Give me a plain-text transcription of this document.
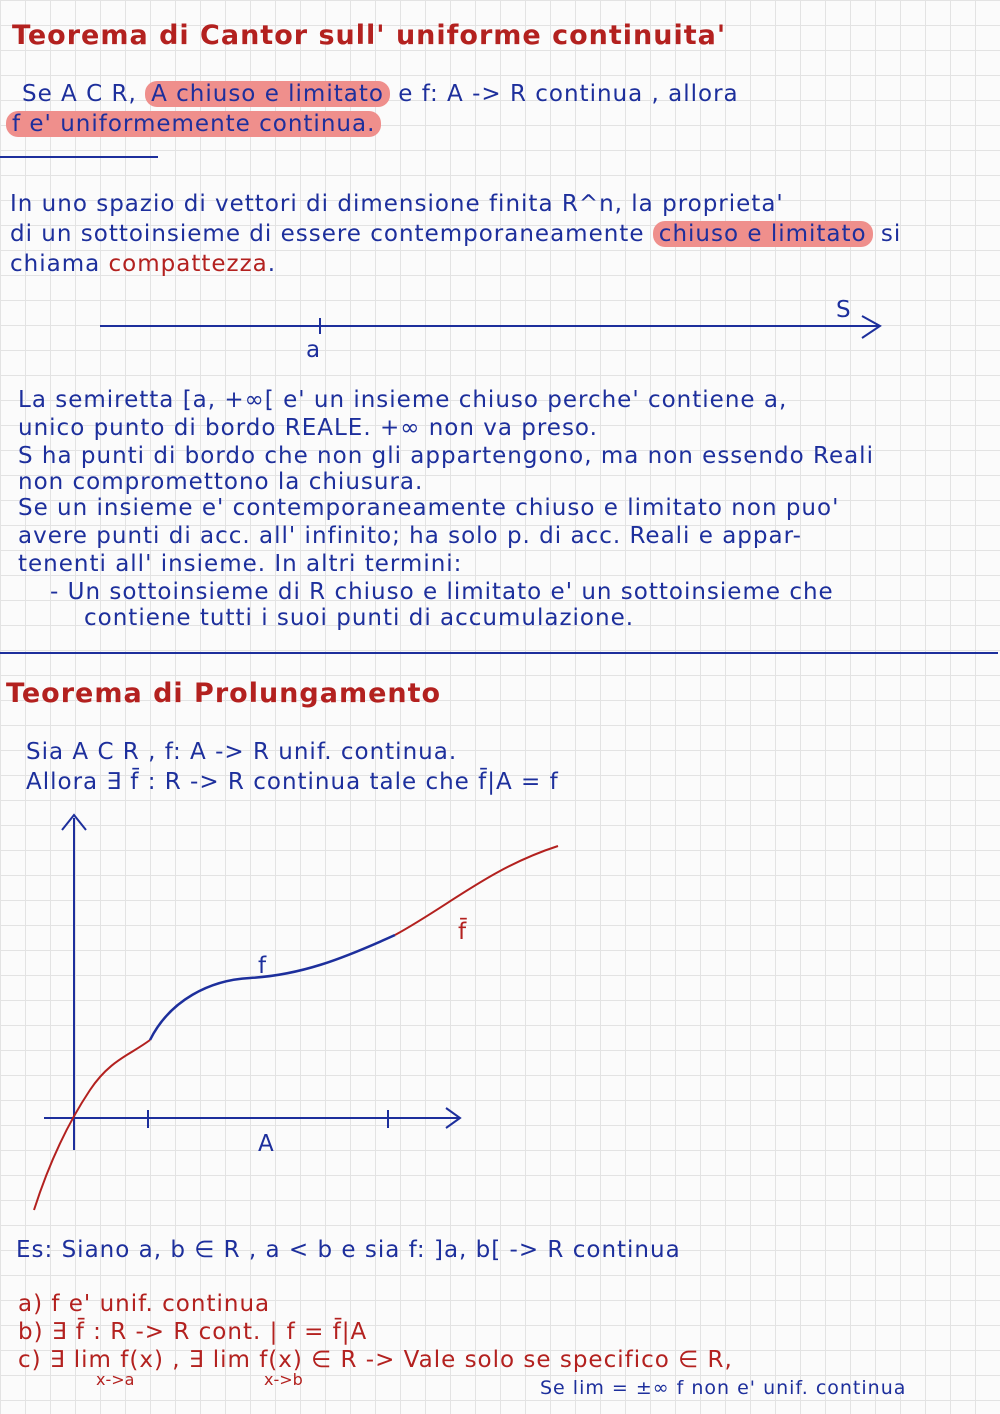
Teorema di Cantor sull' uniforme continuita'
Se A C R, A chiuso e limitato e f: A -> R continua , allora
f e' uniformemente continua.
In uno spazio di vettori di dimensione finita R^n, la proprieta'
di un sottoinsieme di essere contemporaneamente chiuso e limitato si
chiama compattezza.
a
S
La semiretta [a, +∞[ e' un insieme chiuso perche' contiene a,
unico punto di bordo REALE. +∞ non va preso.
S ha punti di bordo che non gli appartengono, ma non essendo Reali
non compromettono la chiusura.
Se un insieme e' contemporaneamente chiuso e limitato non puo'
avere punti di acc. all' infinito; ha solo p. di acc. Reali e appar-
tenenti all' insieme. In altri termini:
- Un sottoinsieme di R chiuso e limitato e' un sottoinsieme che
contiene tutti i suoi punti di accumulazione.
Teorema di Prolungamento
Sia A C R , f: A -> R unif. continua.
Allora ∃ f̄ : R -> R continua tale che f̄|A = f
f
f̄
A
Es: Siano a, b ∈ R , a < b e sia f: ]a, b[ -> R continua
a) f e' unif. continua
b) ∃ f̄ : R -> R cont. | f = f̄|A
c) ∃ lim f(x) , ∃ lim f(x) ∈ R -> Vale solo se specifico ∈ R,
x->a	x->b	Se lim = ±∞ f non e' unif. continua
